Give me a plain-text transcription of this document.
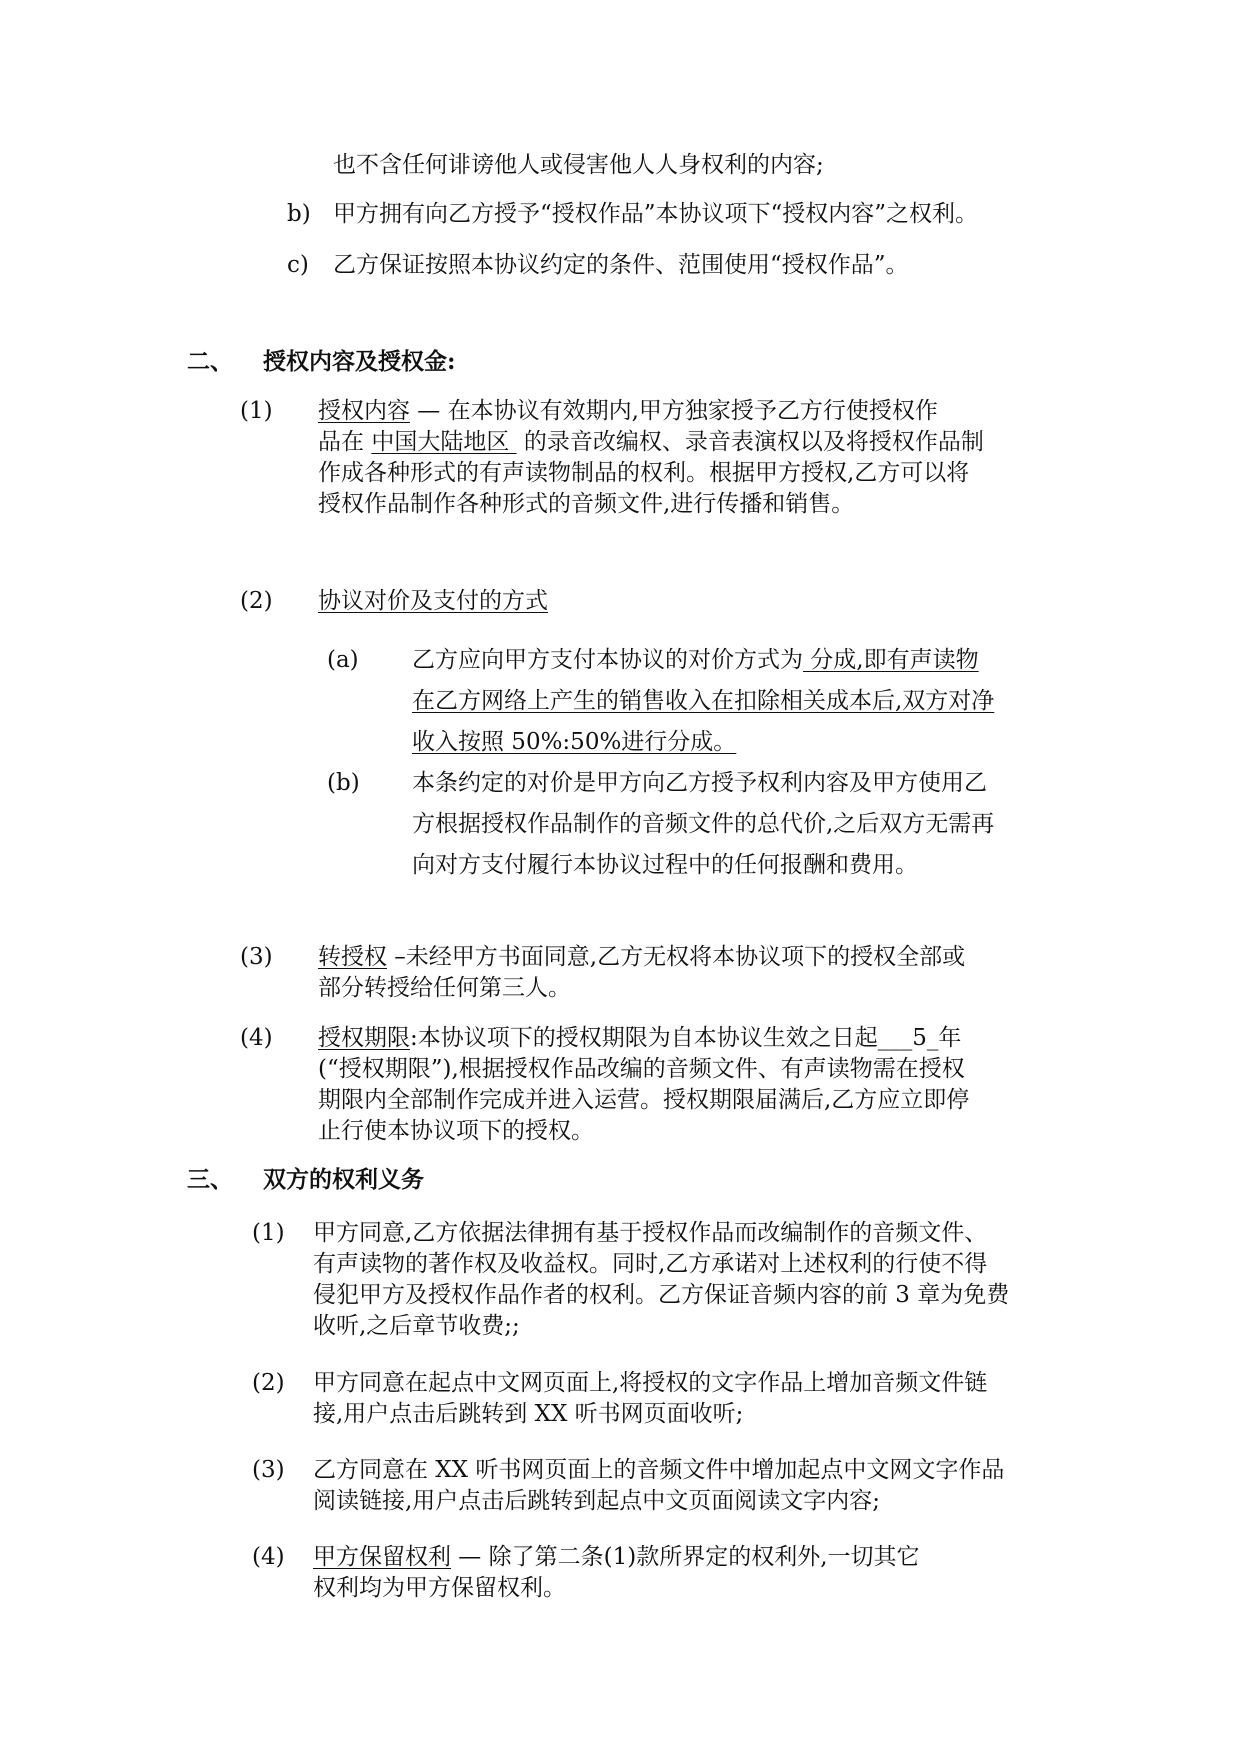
也不含任何诽谤他人或侵害他人人身权利的内容;
b) 甲方拥有向乙方授予“授权作品”本协议项下“授权内容”之权利。
c) 乙方保证按照本协议约定的条件、范围使用“授权作品”。
二、 授权内容及授权金:
(1) 授权内容 — 在本协议有效期内,甲方独家授予乙方行使授权作
品在 中国大陆地区  的录音改编权、录音表演权以及将授权作品制
作成各种形式的有声读物制品的权利。根据甲方授权,乙方可以将
授权作品制作各种形式的音频文件,进行传播和销售。
(2) 协议对价及支付的方式
(a) 乙方应向甲方支付本协议的对价方式为 分成,即有声读物
在乙方网络上产生的销售收入在扣除相关成本后,双方对净
收入按照 50%:50%进行分成。
(b) 本条约定的对价是甲方向乙方授予权利内容及甲方使用乙
方根据授权作品制作的音频文件的总代价,之后双方无需再
向对方支付履行本协议过程中的任何报酬和费用。
(3) 转授权 –未经甲方书面同意,乙方无权将本协议项下的授权全部或
部分转授给任何第三人。
(4) 授权期限:本协议项下的授权期限为自本协议生效之日起___5_年
(“授权期限”),根据授权作品改编的音频文件、有声读物需在授权
期限内全部制作完成并进入运营。授权期限届满后,乙方应立即停
止行使本协议项下的授权。
三、 双方的权利义务
(1) 甲方同意,乙方依据法律拥有基于授权作品而改编制作的音频文件、
有声读物的著作权及收益权。同时,乙方承诺对上述权利的行使不得
侵犯甲方及授权作品作者的权利。乙方保证音频内容的前 3 章为免费
收听,之后章节收费;;
(2) 甲方同意在起点中文网页面上,将授权的文字作品上增加音频文件链
接,用户点击后跳转到 XX 听书网页面收听;
(3) 乙方同意在 XX 听书网页面上的音频文件中增加起点中文网文字作品
阅读链接,用户点击后跳转到起点中文页面阅读文字内容;
(4) 甲方保留权利 — 除了第二条(1)款所界定的权利外,一切其它
权利均为甲方保留权利。
